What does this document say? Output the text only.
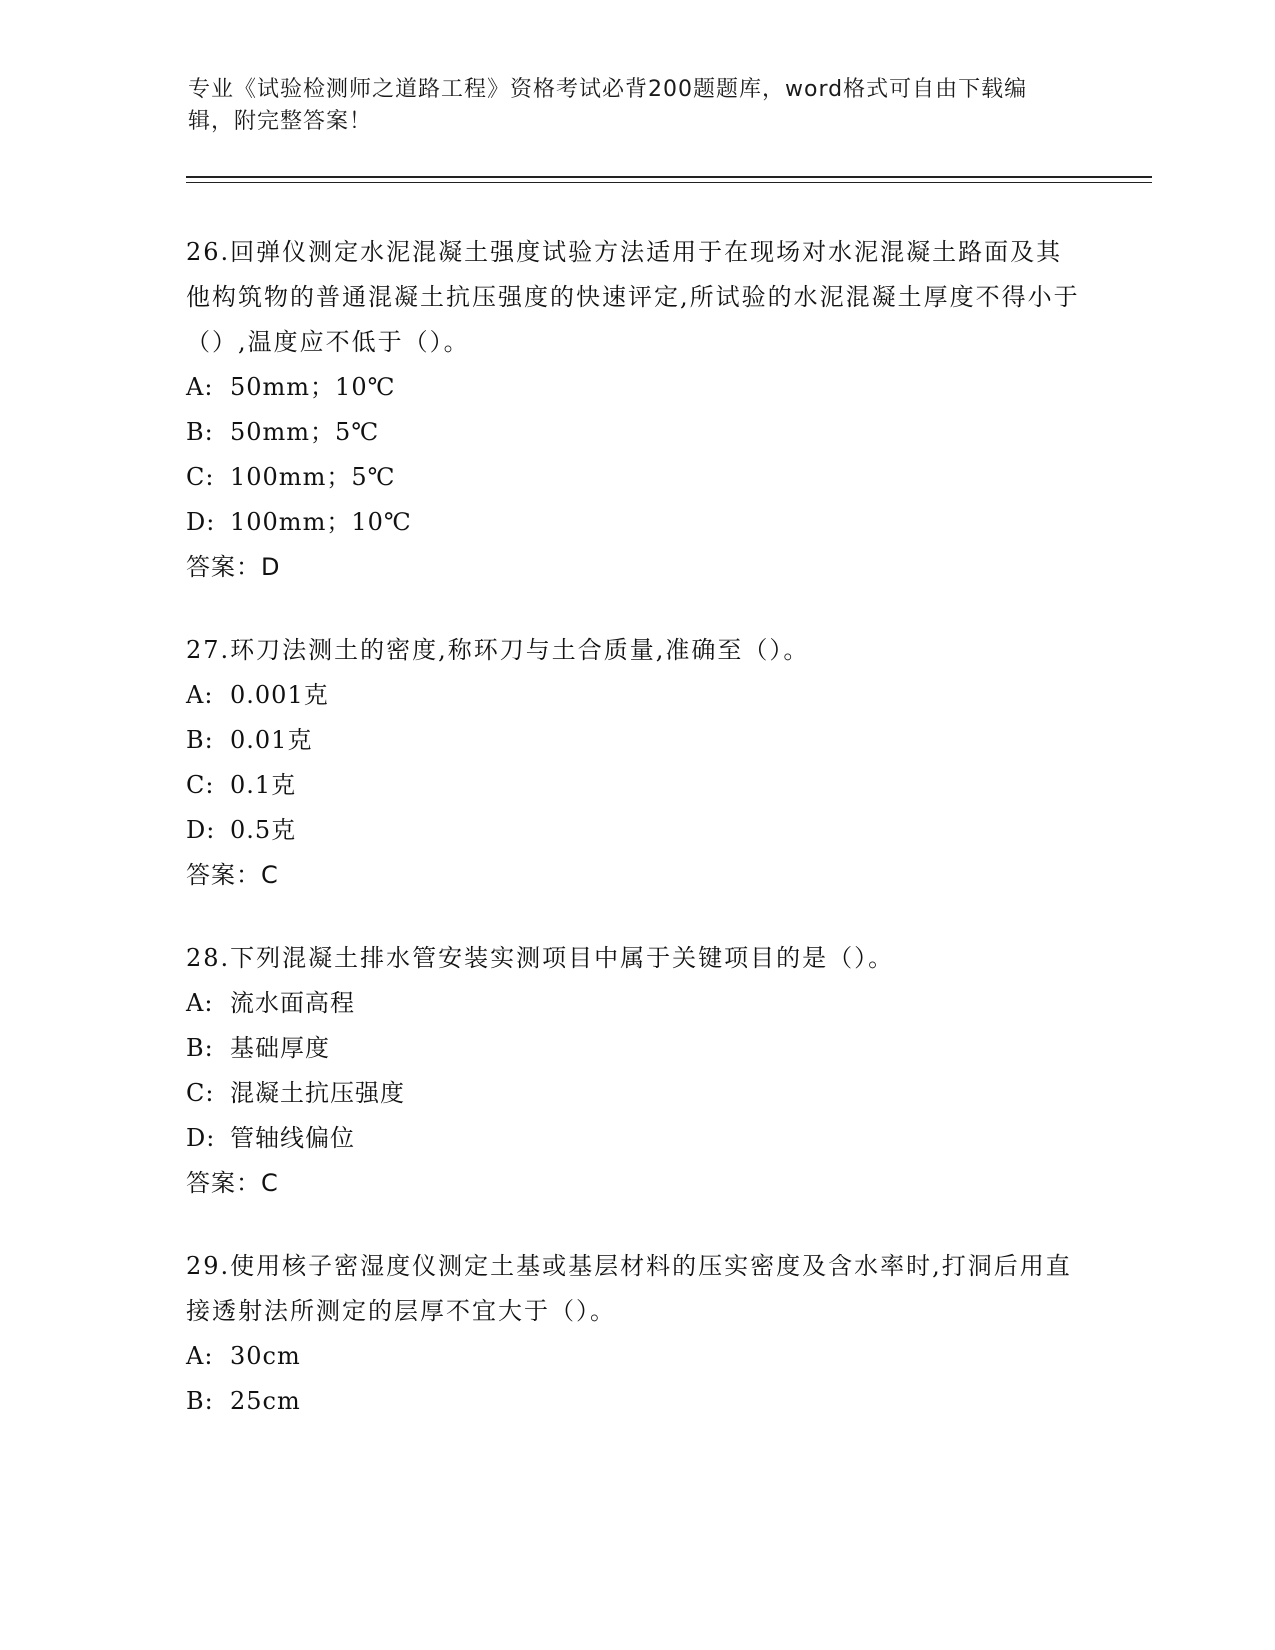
专业《试验检测师之道路工程》资格考试必背200题题库，word格式可自由下载编辑，附完整答案！

26.回弹仪测定水泥混凝土强度试验方法适用于在现场对水泥混凝土路面及其他构筑物的普通混凝土抗压强度的快速评定,所试验的水泥混凝土厚度不得小于（）,温度应不低于（）。

A: 50mm；10℃

B: 50mm；5℃

C: 100mm；5℃

D: 100mm；10℃

答案：D

27.环刀法测土的密度,称环刀与土合质量,准确至（）。

A: 0.001克

B: 0.01克

C: 0.1克

D: 0.5克

答案：C

28.下列混凝土排水管安装实测项目中属于关键项目的是（）。

A: 流水面高程

B: 基础厚度

C: 混凝土抗压强度

D: 管轴线偏位

答案：C

29.使用核子密湿度仪测定土基或基层材料的压实密度及含水率时,打洞后用直接透射法所测定的层厚不宜大于（）。

A: 30cm

B: 25cm
